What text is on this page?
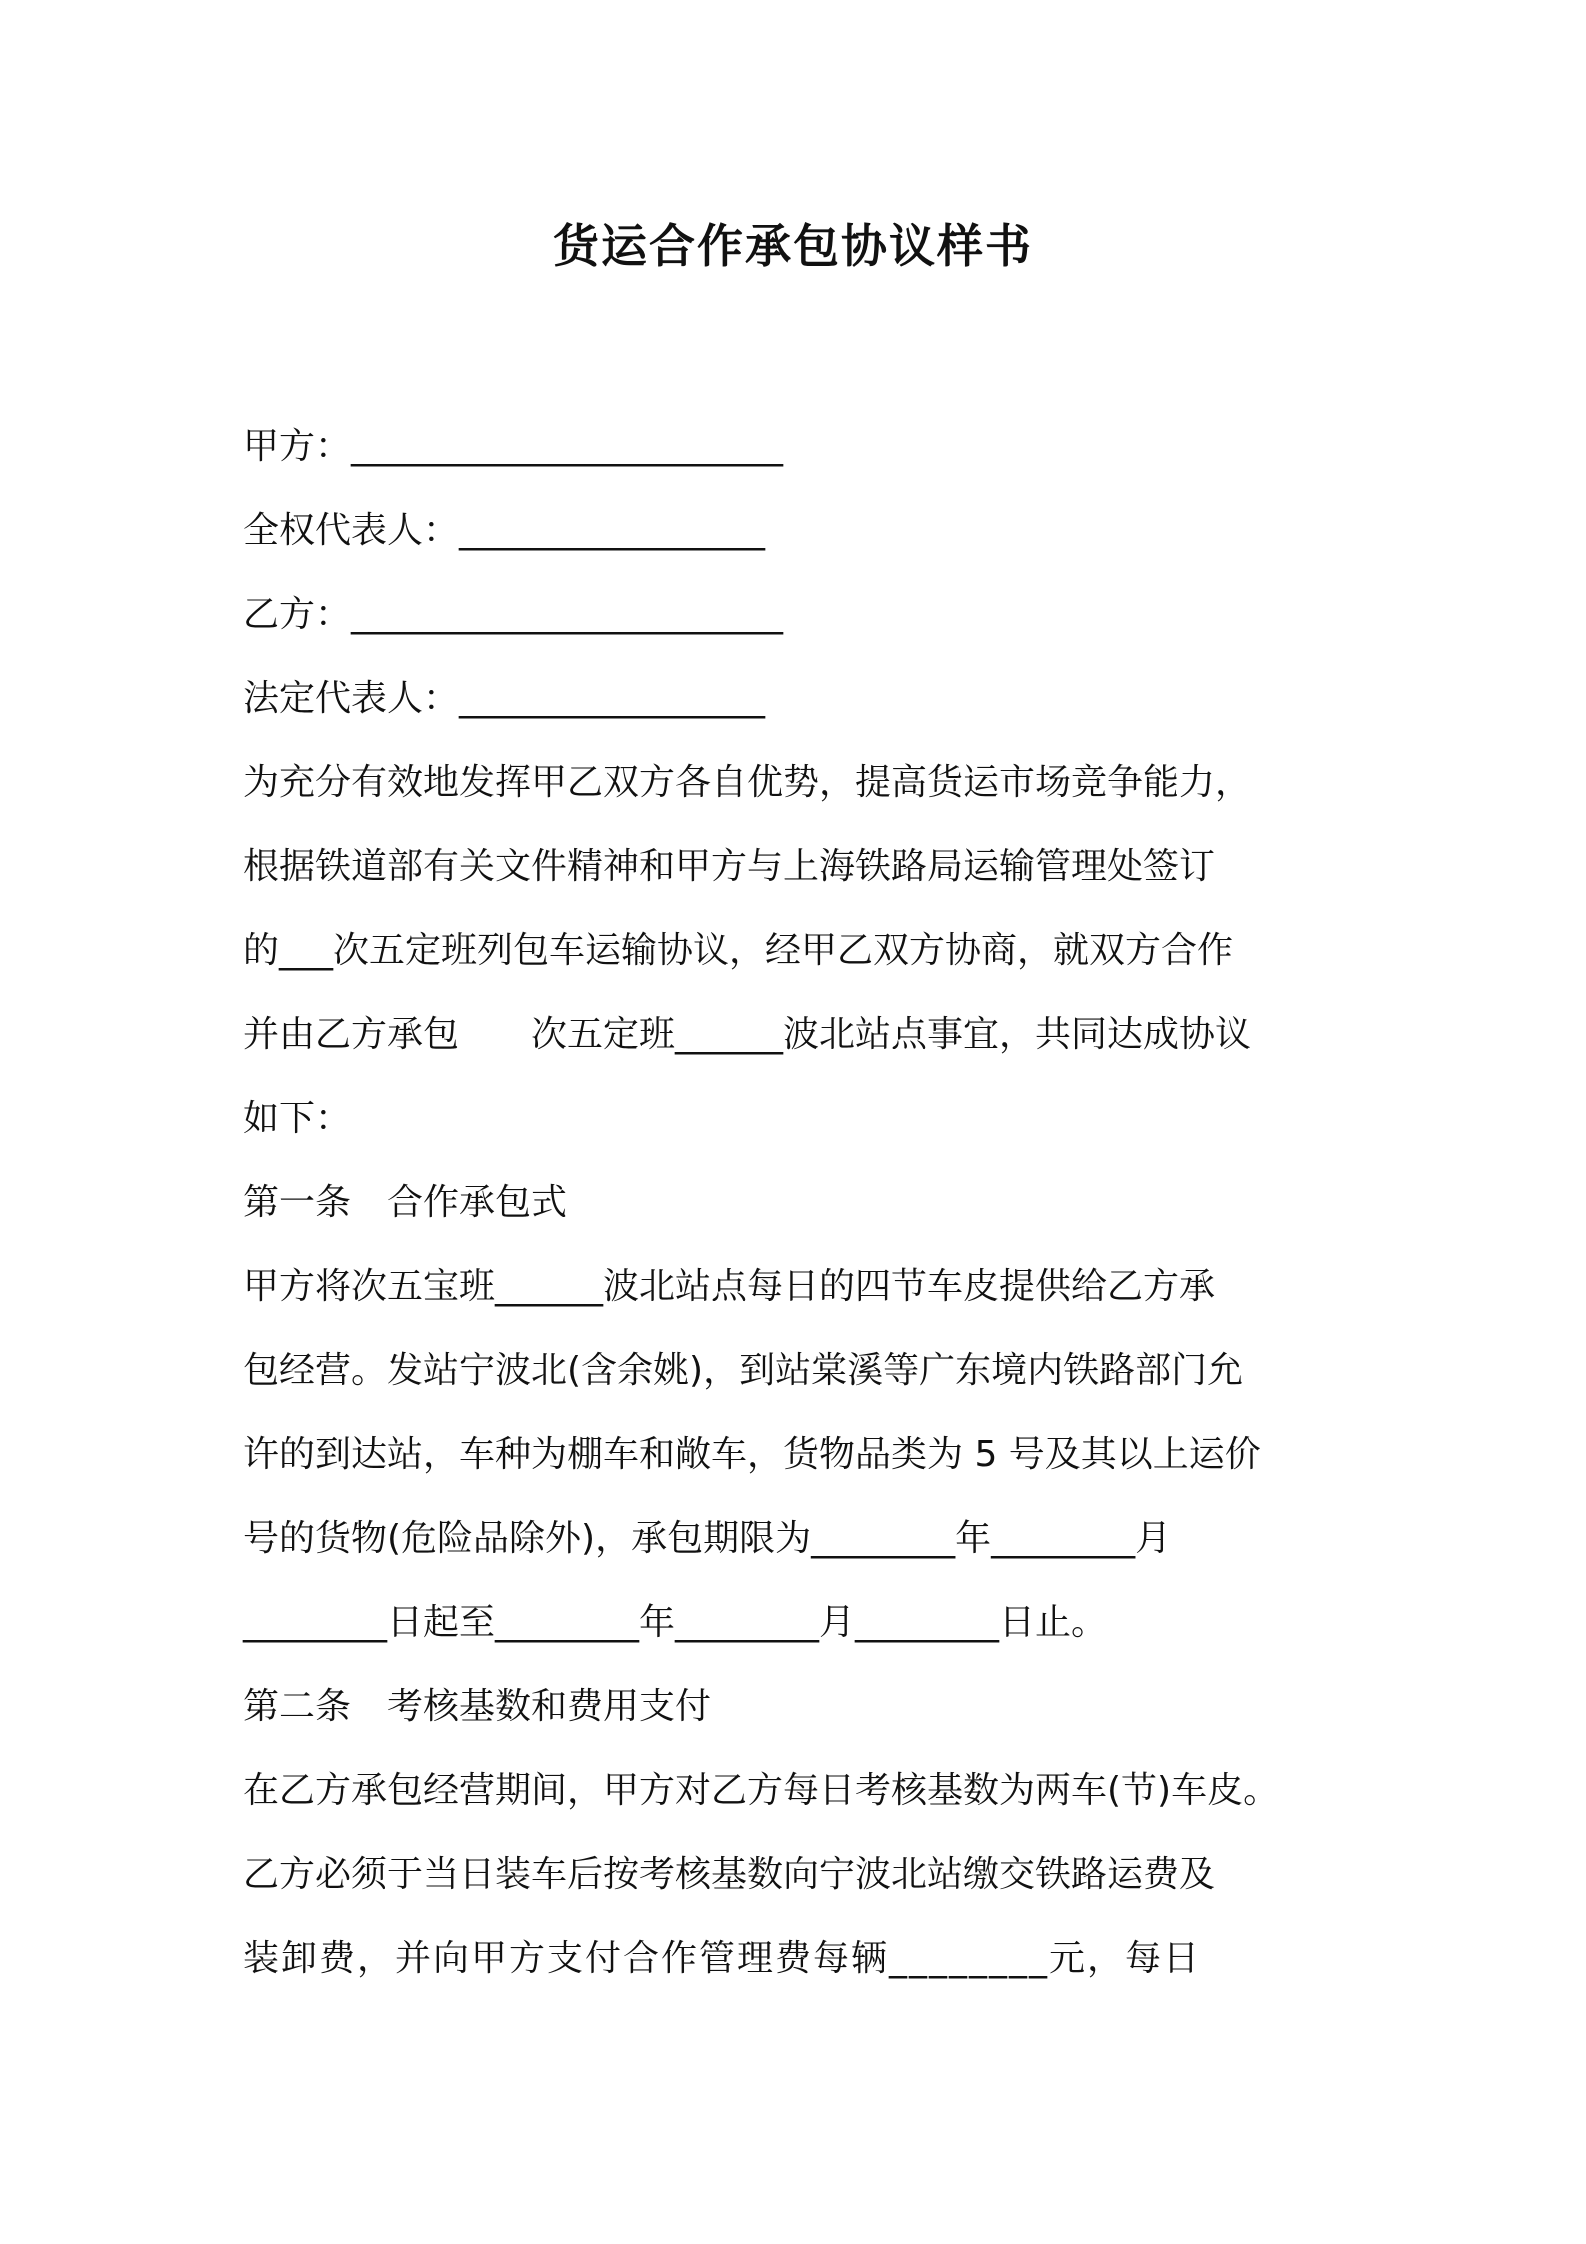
货运合作承包协议样书
甲方：________________________
全权代表人：_________________
乙方：________________________
法定代表人：_________________
为充分有效地发挥甲乙双方各自优势，提高货运市场竞争能力，
根据铁道部有关文件精神和甲方与上海铁路局运输管理处签订
的___次五定班列包车运输协议，经甲乙双方协商，就双方合作
并由乙方承包　　次五定班______波北站点事宜，共同达成协议
如下：
第一条　合作承包式
甲方将次五宝班______波北站点每日的四节车皮提供给乙方承
包经营。发站宁波北(含余姚)，到站棠溪等广东境内铁路部门允
许的到达站，车种为棚车和敞车，货物品类为 5 号及其以上运价
号的货物(危险品除外)，承包期限为________年________月
________日起至________年________月________日止。
第二条　考核基数和费用支付
在乙方承包经营期间，甲方对乙方每日考核基数为两车(节)车皮。
乙方必须于当日装车后按考核基数向宁波北站缴交铁路运费及
装卸费，并向甲方支付合作管理费每辆________元，每日
